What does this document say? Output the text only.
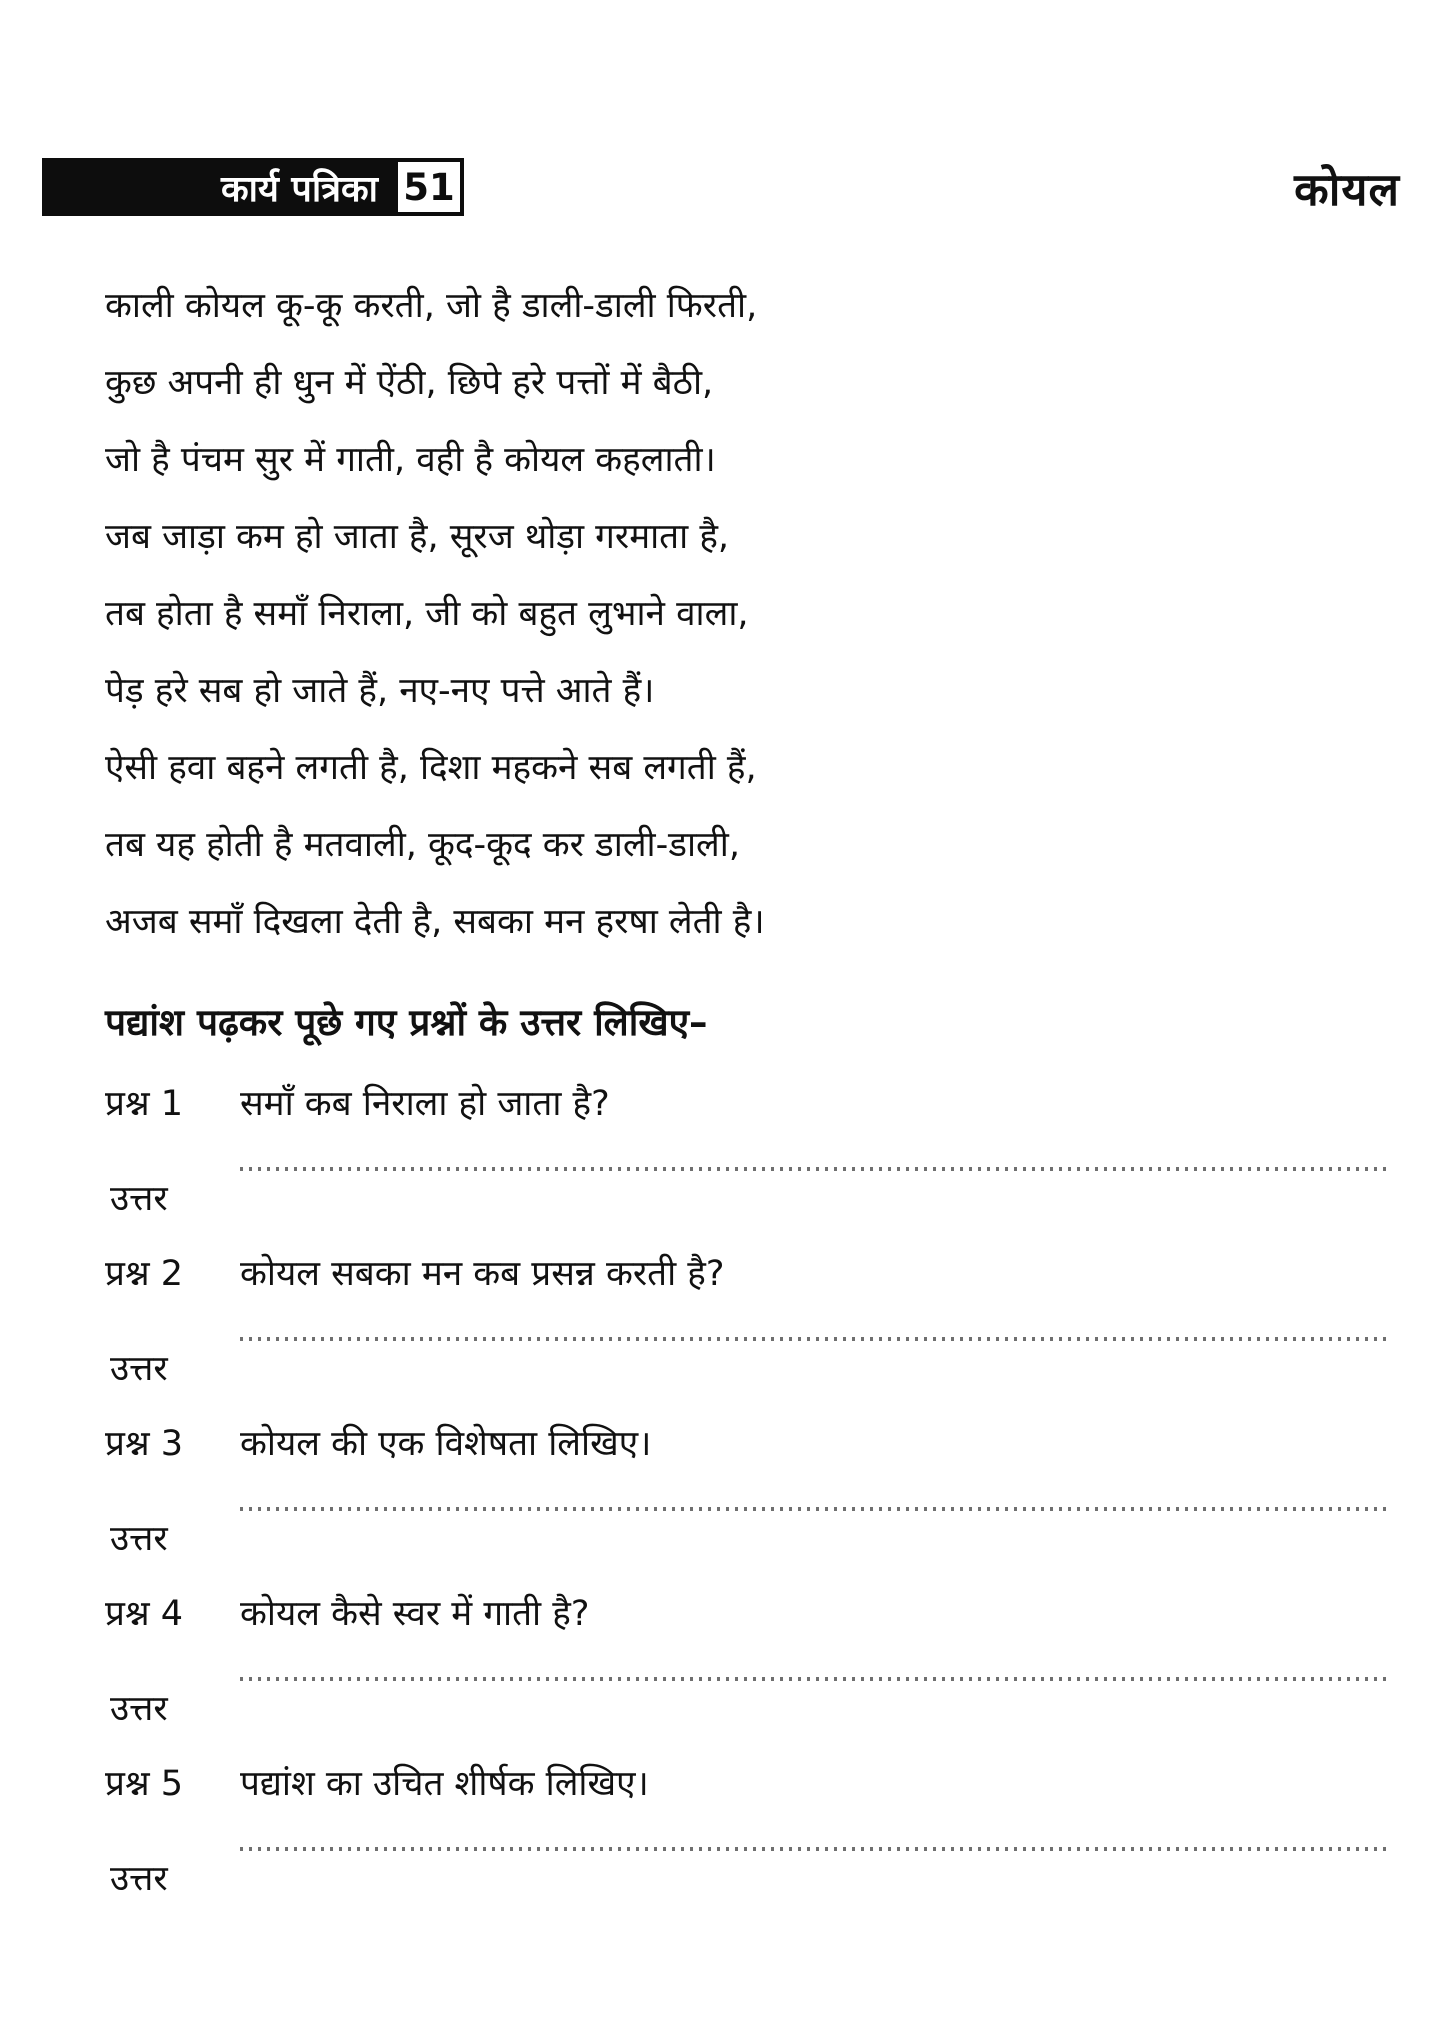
कार्य पत्रिका 51	कोयल
काली कोयल कू-कू करती, जो है डाली-डाली फिरती,
कुछ अपनी ही धुन में ऐंठी, छिपे हरे पत्तों में बैठी,
जो है पंचम सुर में गाती, वही है कोयल कहलाती।
जब जाड़ा कम हो जाता है, सूरज थोड़ा गरमाता है,
तब होता है समाँ निराला, जी को बहुत लुभाने वाला,
पेड़ हरे सब हो जाते हैं, नए-नए पत्ते आते हैं।
ऐसी हवा बहने लगती है, दिशा महकने सब लगती हैं,
तब यह होती है मतवाली, कूद-कूद कर डाली-डाली,
अजब समाँ दिखला देती है, सबका मन हरषा लेती है।
पद्यांश पढ़कर पूछे गए प्रश्नों के उत्तर लिखिए–
प्रश्न 1	समाँ कब निराला हो जाता है?
उत्तर
प्रश्न 2	कोयल सबका मन कब प्रसन्न करती है?
उत्तर
प्रश्न 3	कोयल की एक विशेषता लिखिए।
उत्तर
प्रश्न 4	कोयल कैसे स्वर में गाती है?
उत्तर
प्रश्न 5	पद्यांश का उचित शीर्षक लिखिए।
उत्तर
